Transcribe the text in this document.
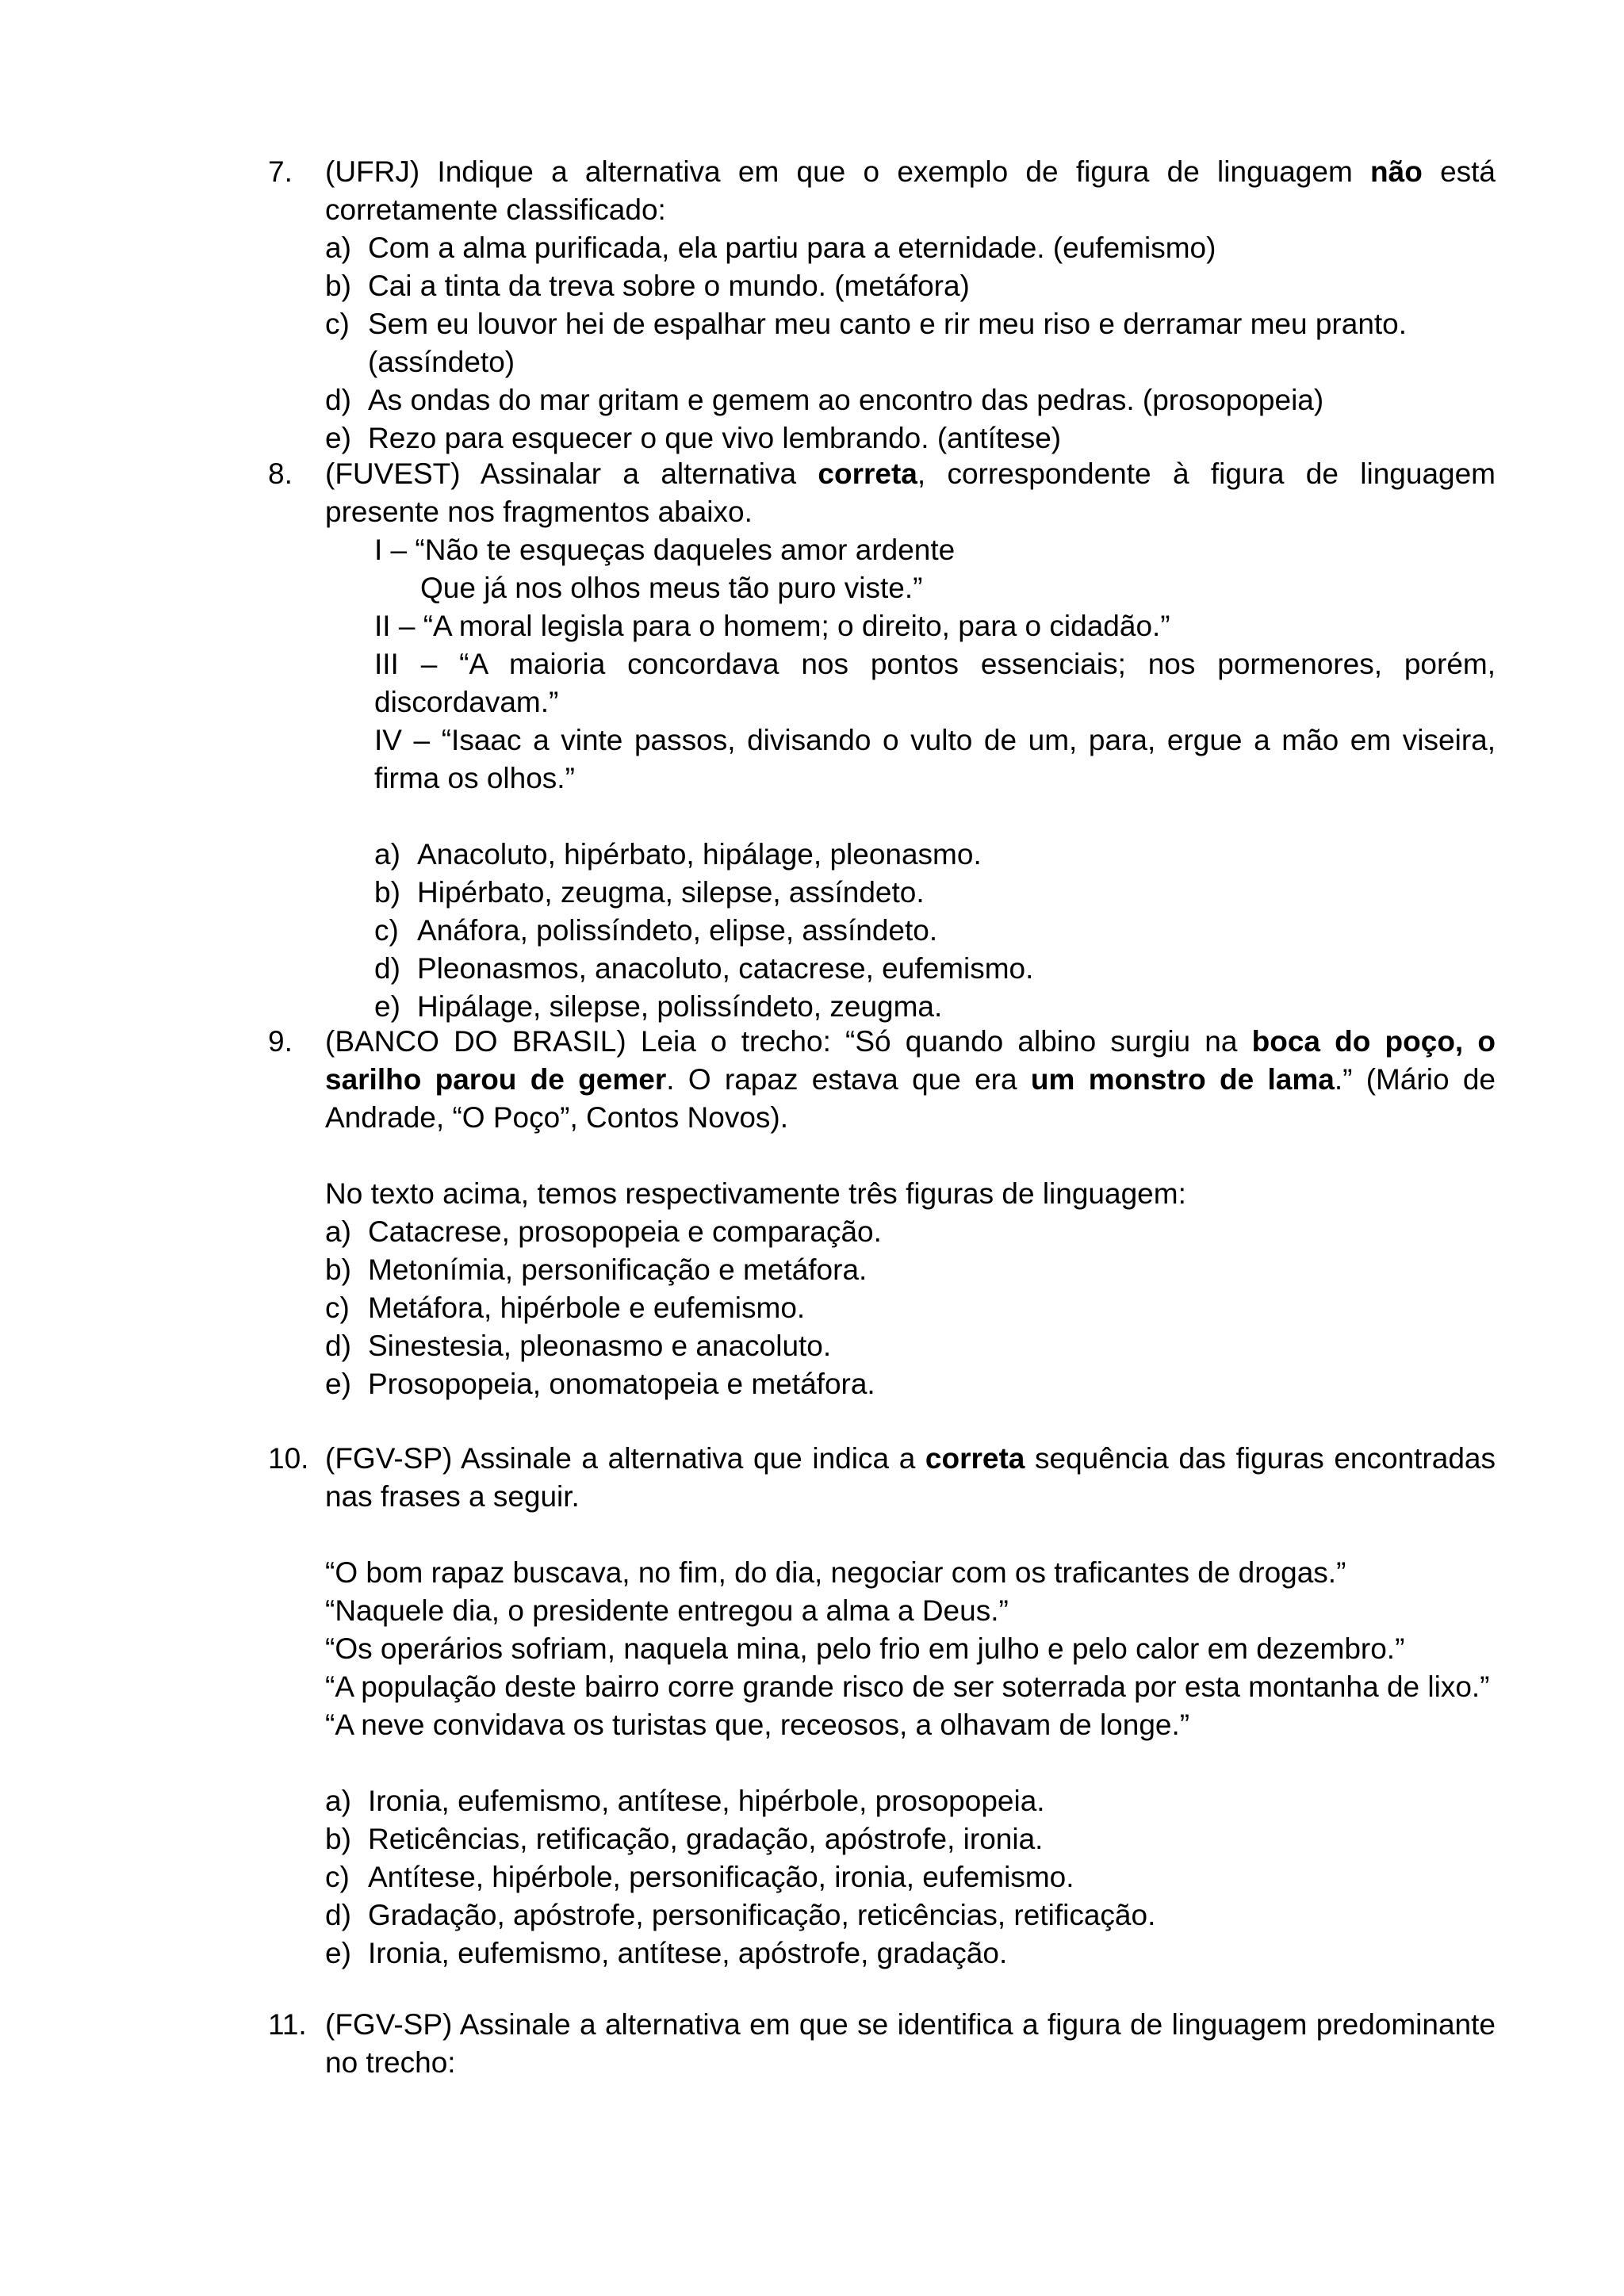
7. (UFRJ) Indique a alternativa em que o exemplo de figura de linguagem não está corretamente classificado:
a) Com a alma purificada, ela partiu para a eternidade. (eufemismo)
b) Cai a tinta da treva sobre o mundo. (metáfora)
c) Sem eu louvor hei de espalhar meu canto e rir meu riso e derramar meu pranto. (assíndeto)
d) As ondas do mar gritam e gemem ao encontro das pedras. (prosopopeia)
e) Rezo para esquecer o que vivo lembrando. (antítese)
8. (FUVEST) Assinalar a alternativa correta, correspondente à figura de linguagem presente nos fragmentos abaixo.

I – “Não te esqueças daqueles amor ardente

Que já nos olhos meus tão puro viste.”

II – “A moral legisla para o homem; o direito, para o cidadão.”

III – “A maioria concordava nos pontos essenciais; nos pormenores, porém, discordavam.”

IV – “Isaac a vinte passos, divisando o vulto de um, para, ergue a mão em viseira, firma os olhos.”

a) Anacoluto, hipérbato, hipálage, pleonasmo.
b) Hipérbato, zeugma, silepse, assíndeto.
c) Anáfora, polissíndeto, elipse, assíndeto.
d) Pleonasmos, anacoluto, catacrese, eufemismo.
e) Hipálage, silepse, polissíndeto, zeugma.
9. (BANCO DO BRASIL) Leia o trecho: “Só quando albino surgiu na boca do poço, o sarilho parou de gemer. O rapaz estava que era um monstro de lama.” (Mário de Andrade, “O Poço”, Contos Novos).
No texto acima, temos respectivamente três figuras de linguagem:
a) Catacrese, prosopopeia e comparação.
b) Metonímia, personificação e metáfora.
c) Metáfora, hipérbole e eufemismo.
d) Sinestesia, pleonasmo e anacoluto.
e) Prosopopeia, onomatopeia e metáfora.
10. (FGV-SP) Assinale a alternativa que indica a correta sequência das figuras encontradas nas frases a seguir.

“O bom rapaz buscava, no fim, do dia, negociar com os traficantes de drogas.”

“Naquele dia, o presidente entregou a alma a Deus.”

“Os operários sofriam, naquela mina, pelo frio em julho e pelo calor em dezembro.”

“A população deste bairro corre grande risco de ser soterrada por esta montanha de lixo.”

“A neve convidava os turistas que, receosos, a olhavam de longe.”

a) Ironia, eufemismo, antítese, hipérbole, prosopopeia.
b) Reticências, retificação, gradação, apóstrofe, ironia.
c) Antítese, hipérbole, personificação, ironia, eufemismo.
d) Gradação, apóstrofe, personificação, reticências, retificação.
e) Ironia, eufemismo, antítese, apóstrofe, gradação.
11. (FGV-SP) Assinale a alternativa em que se identifica a figura de linguagem predominante no trecho:
